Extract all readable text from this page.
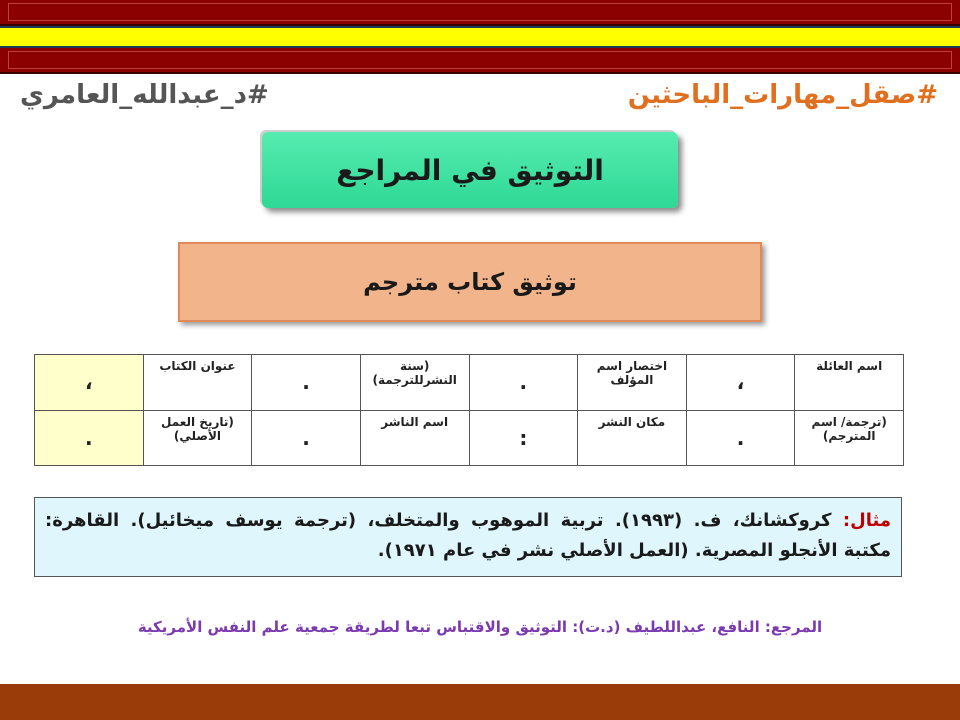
#صقل_مهارات_الباحثين
#د_عبدالله_العامري
التوثيق في المراجع
توثيق كتاب مترجم
اسم العائلة	،	اختصار اسم المؤلف	.	(سنة النشرللترجمة)	.	عنوان الكتاب	،
(ترجمة/ اسم المترجم)	.	مكان النشر	:	اسم الناشر	.	(تاريخ العمل الأصلي)	.
مثال: كروكشانك، ف. (١٩٩٣). تربية الموهوب والمتخلف، (ترجمة يوسف ميخائيل). القاهرة: مكتبة الأنجلو المصرية. (العمل الأصلي نشر في عام ١٩٧١).
المرجع: النافع، عبداللطيف (د.ت): التوثيق والاقتباس تبعا لطريقة جمعية علم النفس الأمريكية
